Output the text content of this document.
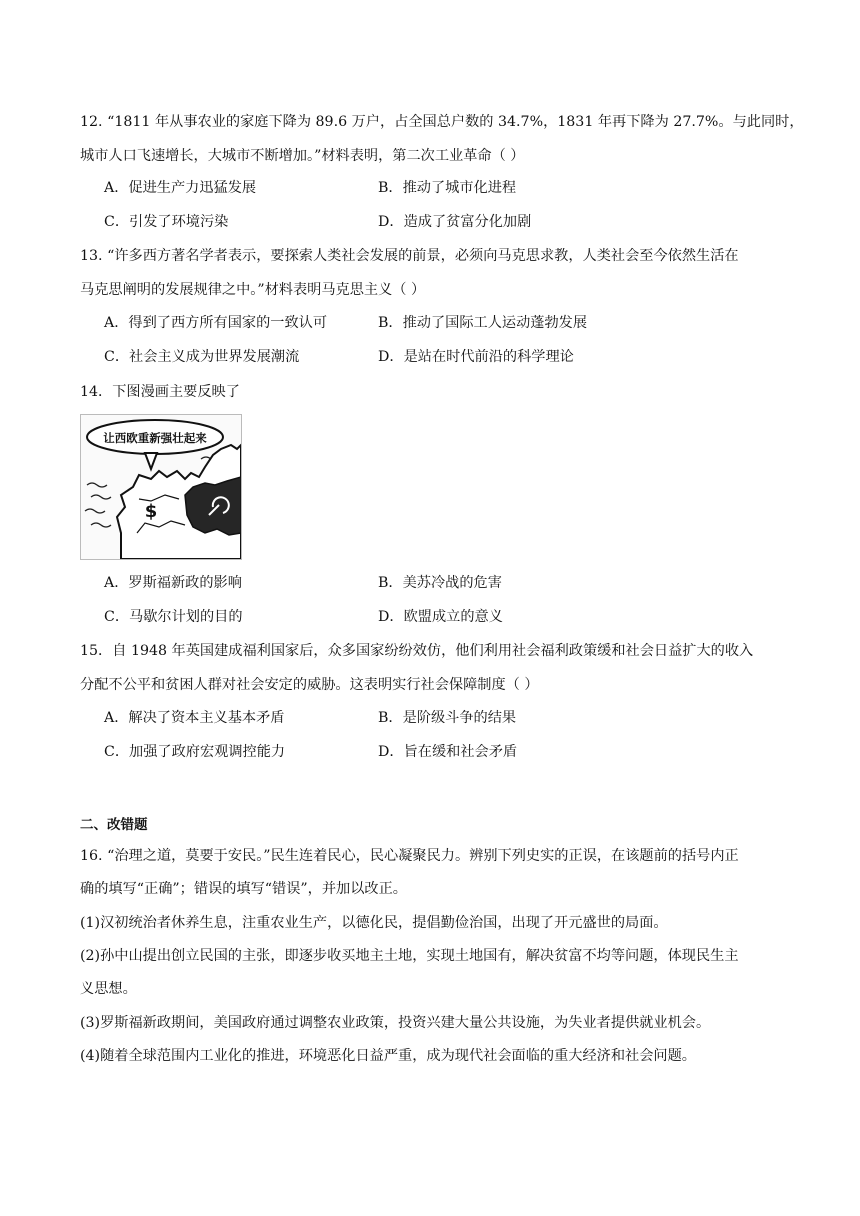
12. “1811 年从事农业的家庭下降为 89.6 万户，占全国总户数的 34.7%，1831 年再下降为 27.7%。与此同时，
城市人口飞速增长，大城市不断增加。”材料表明，第二次工业革命（ ）
A．促进生产力迅猛发展	B．推动了城市化进程
C．引发了环境污染	D．造成了贫富分化加剧
13. “许多西方著名学者表示，要探索人类社会发展的前景，必须向马克思求教，人类社会至今依然生活在
马克思阐明的发展规律之中。”材料表明马克思主义（ ）
A．得到了西方所有国家的一致认可	B．推动了国际工人运动蓬勃发展
C．社会主义成为世界发展潮流	D．是站在时代前沿的科学理论
14．下图漫画主要反映了
让西欧重新强壮起来
$
A．罗斯福新政的影响	B．美苏冷战的危害
C．马歇尔计划的目的	D．欧盟成立的意义
15．自 1948 年英国建成福利国家后，众多国家纷纷效仿，他们利用社会福利政策缓和社会日益扩大的收入
分配不公平和贫困人群对社会安定的威胁。这表明实行社会保障制度（ ）
A．解决了资本主义基本矛盾	B．是阶级斗争的结果
C．加强了政府宏观调控能力	D．旨在缓和社会矛盾
二、改错题
16. “治理之道，莫要于安民。”民生连着民心，民心凝聚民力。辨别下列史实的正误，在该题前的括号内正
确的填写“正确”；错误的填写“错误”，并加以改正。
(1)汉初统治者休养生息，注重农业生产，以德化民，提倡勤俭治国，出现了开元盛世的局面。
(2)孙中山提出创立民国的主张，即逐步收买地主土地，实现土地国有，解决贫富不均等问题，体现民生主
义思想。
(3)罗斯福新政期间，美国政府通过调整农业政策，投资兴建大量公共设施，为失业者提供就业机会。
(4)随着全球范围内工业化的推进，环境恶化日益严重，成为现代社会面临的重大经济和社会问题。
